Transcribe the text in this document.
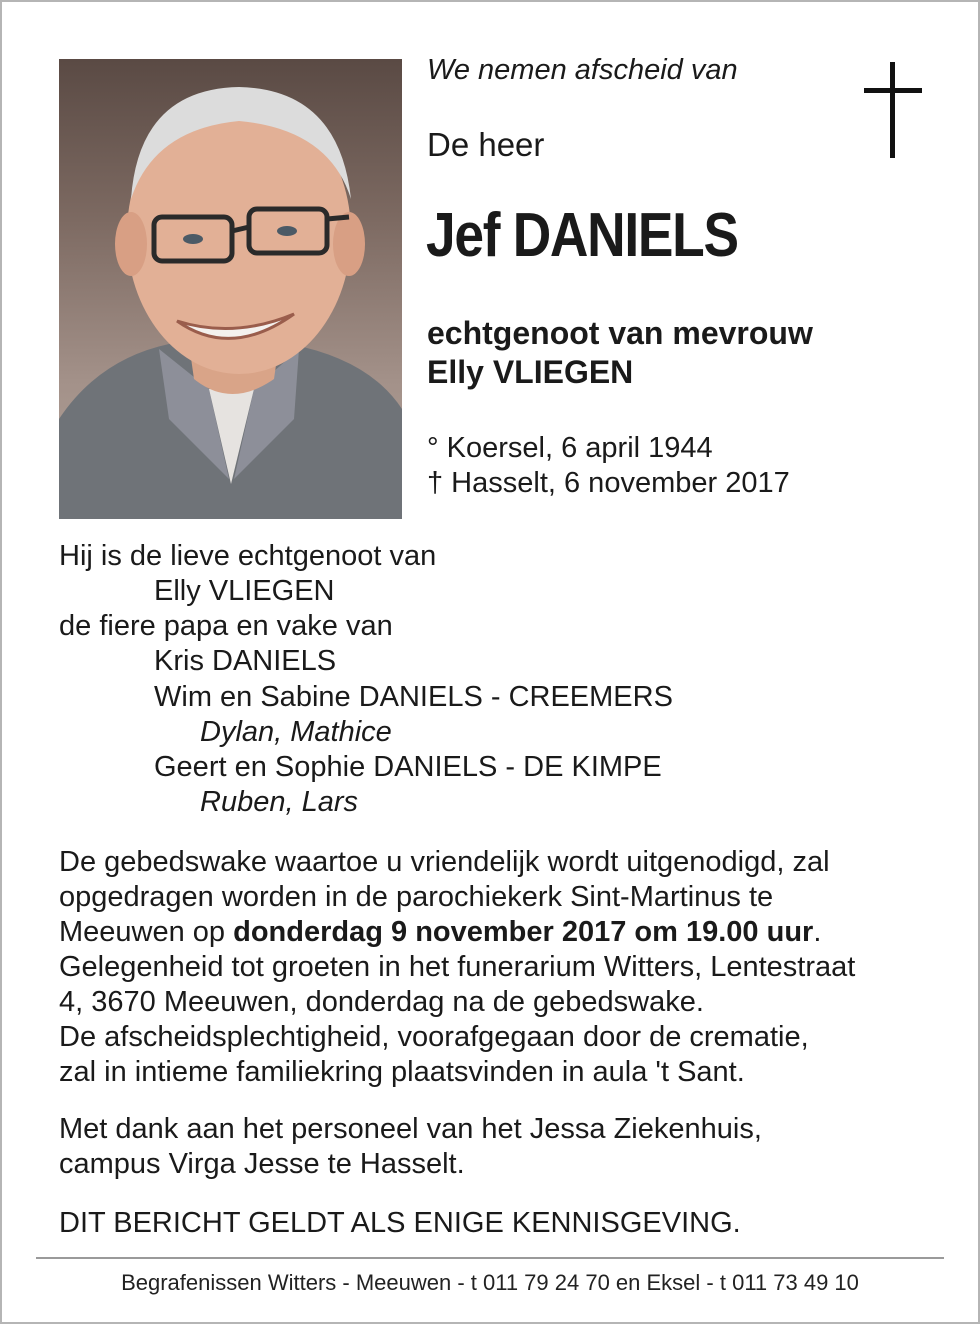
We nemen afscheid van
De heer
Jef DANIELS
echtgenoot van mevrouw
Elly VLIEGEN
° Koersel, 6 april 1944
† Hasselt, 6 november 2017
Hij is de lieve echtgenoot van
Elly VLIEGEN
de fiere papa en vake van
Kris DANIELS
Wim en Sabine DANIELS - CREEMERS
Dylan, Mathice
Geert en Sophie DANIELS - DE KIMPE
Ruben, Lars
De gebedswake waartoe u vriendelijk wordt uitgenodigd, zal
opgedragen worden in de parochiekerk Sint-Martinus te
Meeuwen op donderdag 9 november 2017 om 19.00 uur.
Gelegenheid tot groeten in het funerarium Witters, Lentestraat
4, 3670 Meeuwen, donderdag na de gebedswake.
De afscheidsplechtigheid, voorafgegaan door de crematie,
zal in intieme familiekring plaatsvinden in aula 't Sant.
Met dank aan het personeel van het Jessa Ziekenhuis,
campus Virga Jesse te Hasselt.
DIT BERICHT GELDT ALS ENIGE KENNISGEVING.
Begrafenissen Witters - Meeuwen - t 011 79 24 70 en Eksel - t 011 73 49 10
